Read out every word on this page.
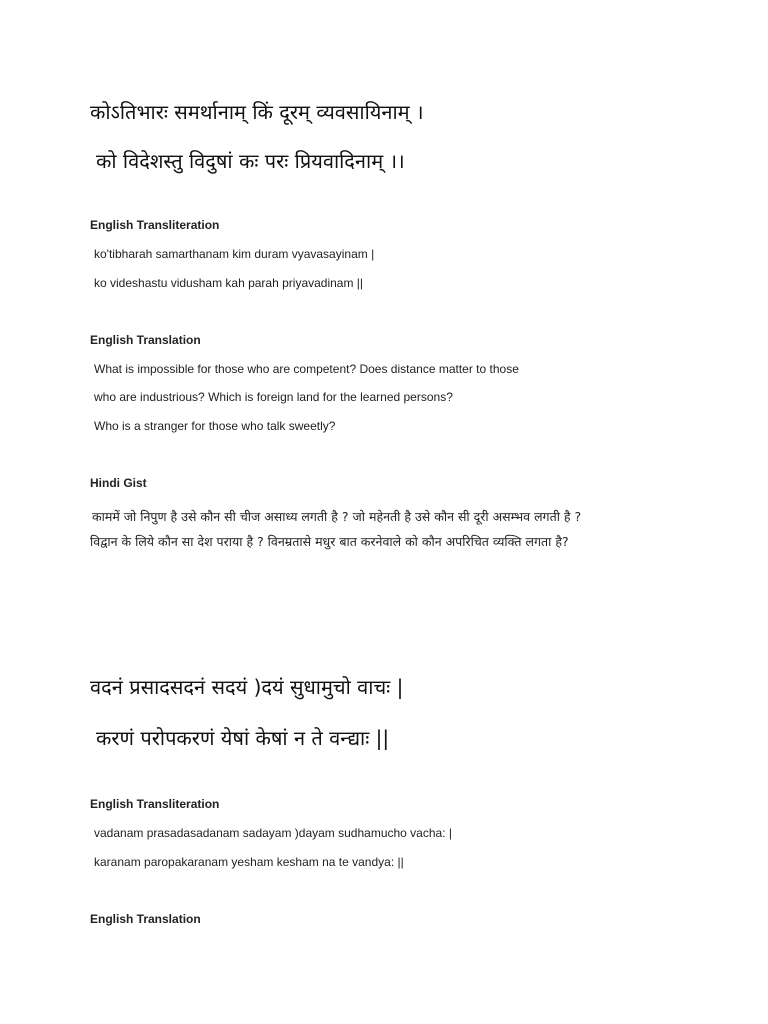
कोऽतिभारः समर्थानाम् किं दूरम् व्यवसायिनाम् ।

को विदेशस्तु विदुषां कः परः प्रियवादिनाम् ।।

English Transliteration

ko'tibharah samarthanam kim duram vyavasayinam |

ko videshastu vidusham kah parah priyavadinam ||

English Translation

What is impossible for those who are competent? Does distance matter to those

who are industrious? Which is foreign land for the learned persons?

Who is a stranger for those who talk sweetly?

Hindi Gist

काममें जो निपुण है उसे कौन सी चीज असाध्य लगती है ? जो महेनती है उसे कौन सी दूरी असम्भव लगती है ?

विद्वान के लिये कौन सा देश पराया है ? विनम्रतासे मधुर बात करनेवाले को कौन अपरिचित व्यक्ति लगता है?

वदनं प्रसादसदनं सदयं )दयं सुधामुचो वाचः |

करणं परोपकरणं येषां केषां न ते वन्द्याः ||

English Transliteration

vadanam prasadasadanam sadayam )dayam sudhamucho vacha: |

karanam paropakaranam yesham kesham na te vandya: ||

English Translation
